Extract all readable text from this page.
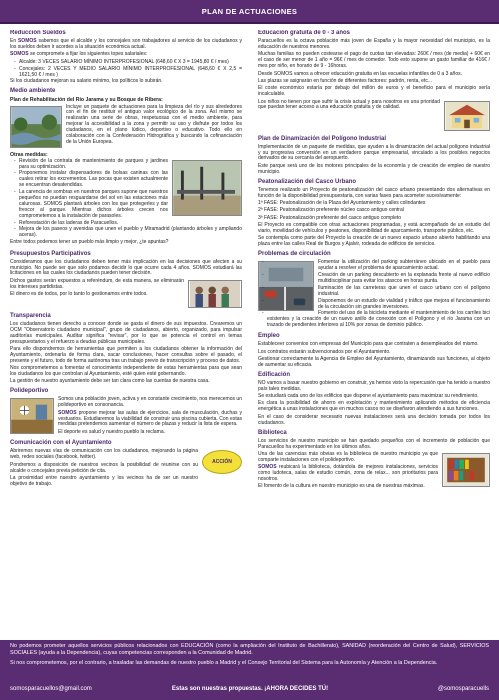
PLAN DE ACTUACIONES
Reducción Sueldos

En SOMOS sabemos que el alcalde y los concejales son trabajadores al servicio de los ciudadanos y los sueldos deben ir acordes a la situación económica actual.

SOMOS se compromete a fijar los siguientes topes salariales:

- Alcalde: 3 VECES SALARIO MÍNIMO INTERPROFESIONAL (648,60 € X 3 = 1945,80 € / mes)
- Concejales: 2 VECES Y MEDIO SALARIO MÍNIMO INTERPROFESIONAL (648,60 € X 2,5 = 1621,50 € / mes )

Si los ciudadanos mejoran su salario mínimo, los políticos lo subirán.

Medio ambiente
Plan de Rehabilitación del Río Jarama y su Bosque de Ribera:

Incluye un paquete de actuaciones para la limpieza del río y sus alrededores con el fin de restituir el antiguo valor ecológico de la zona. Así mismo se realizarán una serie de obras, respetuosas con el medio ambiente, para mejorar la accesibilidad a la zona y permitir su uso y disfrute por todos los ciudadanos, en el plano lúdico, deportivo o educativo. Todo ello en colaboración con la Confederación Hidrográfica y buscando la cofinanciación de la Unión Europea.

Otras medidas:
- Revisión de la contrata de mantenimiento de parques y jardines para su optimización.
- Proponemos instalar dispensadores de bolsas caninas con las cuales retirar los excrementos. Las pocas que existen actualmente se encuentran desatendidas.
- La carencia de sombras en nuestros parques supone que nuestros pequeños no puedan resguardarse del sol en las estaciones más calurosas. SOMOS plantará árboles con los que protegerles y dar frescor al parque. Mientras dichos árboles crecen nos comprometemos a la instalación de parasoles.
- Reforestación de las laderas de Paracuellos.
- Mejora de los paseos y avenidas que unen el pueblo y Miramadrid (plantando árboles y ampliando aceras).

Entre todos podemos tener un pueblo más limpio y mejor, ¿te apuntas?

Presupuestos Participativos

Consideramos que los ciudadanos deben tener más implicación en las decisiones que afecten a su municipio. No puede ser que solo podamos decidir lo que ocurre cada 4 años. SOMOS estudiará las licitaciones en las cuales los ciudadanos pueden tener decisión.

Dichos gastos serán expuestos a referéndum, de esta manera, se eliminarán los intereses partidistas.

El dinero es de todos, por lo tanto lo gestionamos entre todos.

Transparencia

Los ciudadanos tienen derecho a conocer donde se gasta el dinero de sus impuestos. Crearemos un OCM "Observatorio ciudadano municipal", grupo de ciudadanos, abierto, organizado, para impulsar auditorías municipales. Auditar significa "revisar", por lo que se potencia el control en temas presupuestarios y el refuerzo a deudas públicas municipales.

Para ello dispondremos de herramientas que permiten a los ciudadanos obtener la información del Ayuntamiento, ordenarla de forma clara, sacar conclusiones, hacer consultas sobre el pasado, el presente y el futuro, todo de forma autónoma tras un trabajo previo de transcripción y proceso de datos.

Nos comprometemos a fomentar el conocimiento independiente de estas herramientas para que sean los ciudadanos los que controlan al Ayuntamiento, esté quien esté gobernando.

La gestión de nuestro ayuntamiento debe ser tan clara como las cuentas de nuestra casa.

Polideportivo

Somos una población joven, activa y en constante crecimiento, nos merecemos un polideportivo en consonancia.

SOMOS propone mejorar las aulas de ejercicios, sala de musculación, duchas y vestuarios. Estudiaremos la viabilidad de construir una piscina cubierta. Con estas medidas pretendemos aumentar el número de plazas y reducir la lista de espera.

El deporte es salud y nuestro pueblo la reclama.

Comunicación con el Ayuntamiento
ACCIÓN

Abriremos nuevas vías de comunicación con los ciudadanos, mejorando la página web, redes sociales (facebook, twitter).

Pondremos a disposición de nuestros vecinos la posibilidad de reunirse con su alcalde o concejales previa petición de cita.

La proximidad entre nuestro ayuntamiento y los vecinos ha de ser un nuestro objetivo de trabajo.

Educación gratuita de 0 - 3 años

Paracuellos es la octava población más joven de España y la mayor necesidad del municipio, es la educación de nuestros menores.

Muchas familias no pueden costearse el pago de cuotas tan elevadas: 260€ / mes (de media) + 60€ en el caso de ser menor de 1 año = 96€ / mes de comedor. Todo esto supone un gasto familiar de 416€ / mes por niño, en horario de 9 - 16horas.

Desde SOMOS vamos a ofrecer educación gratuita en las escuelas infantiles de 0 a 3 años.

Las plazas se asignarán en función de diferentes factores: padrón, renta, etc...

El coste económico estaría por debajo del millón de euros y el beneficio para el municipio sería incalculable.

Los niños no tienen por que sufrir la crisis actual y para nosotros es una prioridad que puedan tener acceso a una educación gratuita y de calidad.

Plan de Dinamización del Polígono Industrial

Implementación de un paquete de medidas, que ayuden a la dinamización del actual polígono industrial y su progresiva conversión en un verdadero parque empresarial, vinculado a los posibles negocios derivados de su cercanía del aeropuerto.

Este parque será uno de los motores principales de la economía y de creación de empleo de nuestro municipio.

Peatonalización del Casco Urbano

Tenemos realizado un Proyecto de peatonalización del casco urbano presentando dos alternativas en función de la disponibilidad presupuestaria, con varias fases para acometer sucesivamente:

1ª FASE: Peatonalización de la Plaza del Ayuntamiento y calles colindantes

2ª FASE: Peatonalización preferente núcleo casco antiguo central

3ª FASE: Peatonalización preferente del casco antiguo completo

El Proyecto es compatible con otras actuaciones programadas, y está acompañado de un estudio del viario, movilidad de vehículos y peatones, disponibilidad de aparcamiento, transporte público, etc.

Se contempla como parte del Proyecto la creación de un nuevo espacio urbano abierto habilitando una plaza entre las calles Real de Burgos y Ajalvir, rodeada de edificios de servicios.

Problemas de circulación
- Fomentar la utilización del parking subterráneo ubicado en el pueblo para ayudar a resolver el problema de aparcamiento actual.
- Creación de un parking descubierto en la explanada frente al nuevo edificio multidisciplinar para evitar los atascos en horas punta.
- Iluminación de las carreteras que unen el casco urbano con el polígono industrial.
- Disponemos de un estudio de vialidad y tráfico que mejora el funcionamiento de la circulación sin grandes inversiones.
- Fomento del uso de la bicicleta mediante el mantenimiento de los carriles bici existentes y la creación de un nuevo anillo de conexión con el Polígono y el río Jarama con un trazado de pendientes inferiores al 10% por zonas de dominio público.
Empleo

Estableceer convenios con empresas del Municipio para que contraten a desempleados del mismo.

Los contratos estarán subvencionados por el Ayuntamiento.

Gestionar correctamente la Agencia de Empleo del Ayuntamiento, dinamizando sus funciones, al objeto de aumentar su eficacia.

Edificación

NO vamos a basar nuestro gobierno en construir, ya hemos visto la repercusión que ha tenido a nuestro país tales medidas.

Se estudiará cada uno de los edificios que dispone el ayuntamiento para maximizar su rendimiento.

Es clara la posibilidad de ahorro en explotación y mantenimiento aplicando métodos de eficiencia energética a unas instalaciones que en muchos casos no se diseñaron atendiendo a sus funciones.

En el caso de considerar necesario nuevas instalaciones será una decisión tomada por todos los ciudadanos.

Biblioteca

Los servicios de nuestro municipio se han quedado pequeños con el incremento de población que Paracuellos ha experimentado en los últimos años.

Una de las carencias más obvias es la biblioteca de nuestro municipio ya que comparte instalaciones con el polideportivo.

SOMOS reubicará la biblioteca, dotándola de mejores instalaciones, servicios como ludoteca, salas de estudio común, zona de relax... son prioritarios para nosotros.

El fomento de la cultura en nuestro municipio es una de nuestras máximas.

No podemos prometer aquellos servicios públicos relacionados con EDUCACIÓN (como la ampliación del Instituto de Bachillerato), SANIDAD (reorderación del Centro de Salud), SERVICIOS SOCIALES (ayuda a la Dependencia), cuyas competencias corresponden a la Comunidad de Madrid.

Si nos comprometemos, por el contrario, a trasladar las demandas de nuestro pueblo a Madrid y el Consejo Territorial del Sistema para la Autonomía y Atención a la Dependencia.

somosparacuellos@gmail.com	Estas son nuestras propuestas. ¡AHORA DECIDES TÚ!	@somosparacuells
